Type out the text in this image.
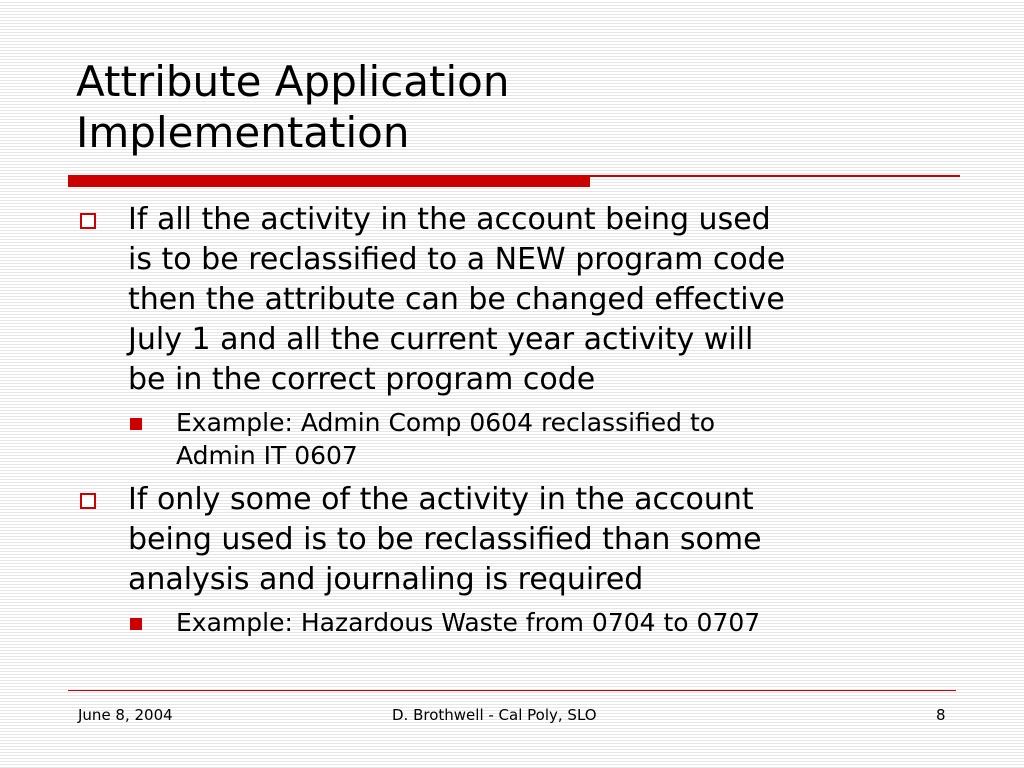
Attribute Application
Implementation
If all the activity in the account being used
is to be reclassified to a NEW program code
then the attribute can be changed effective
July 1 and all the current year activity will
be in the correct program code
Example: Admin Comp 0604 reclassified to
Admin IT 0607
If only some of the activity in the account
being used is to be reclassified than some
analysis and journaling is required
Example: Hazardous Waste from 0704 to 0707
June 8, 2004	D. Brothwell - Cal Poly, SLO	8
